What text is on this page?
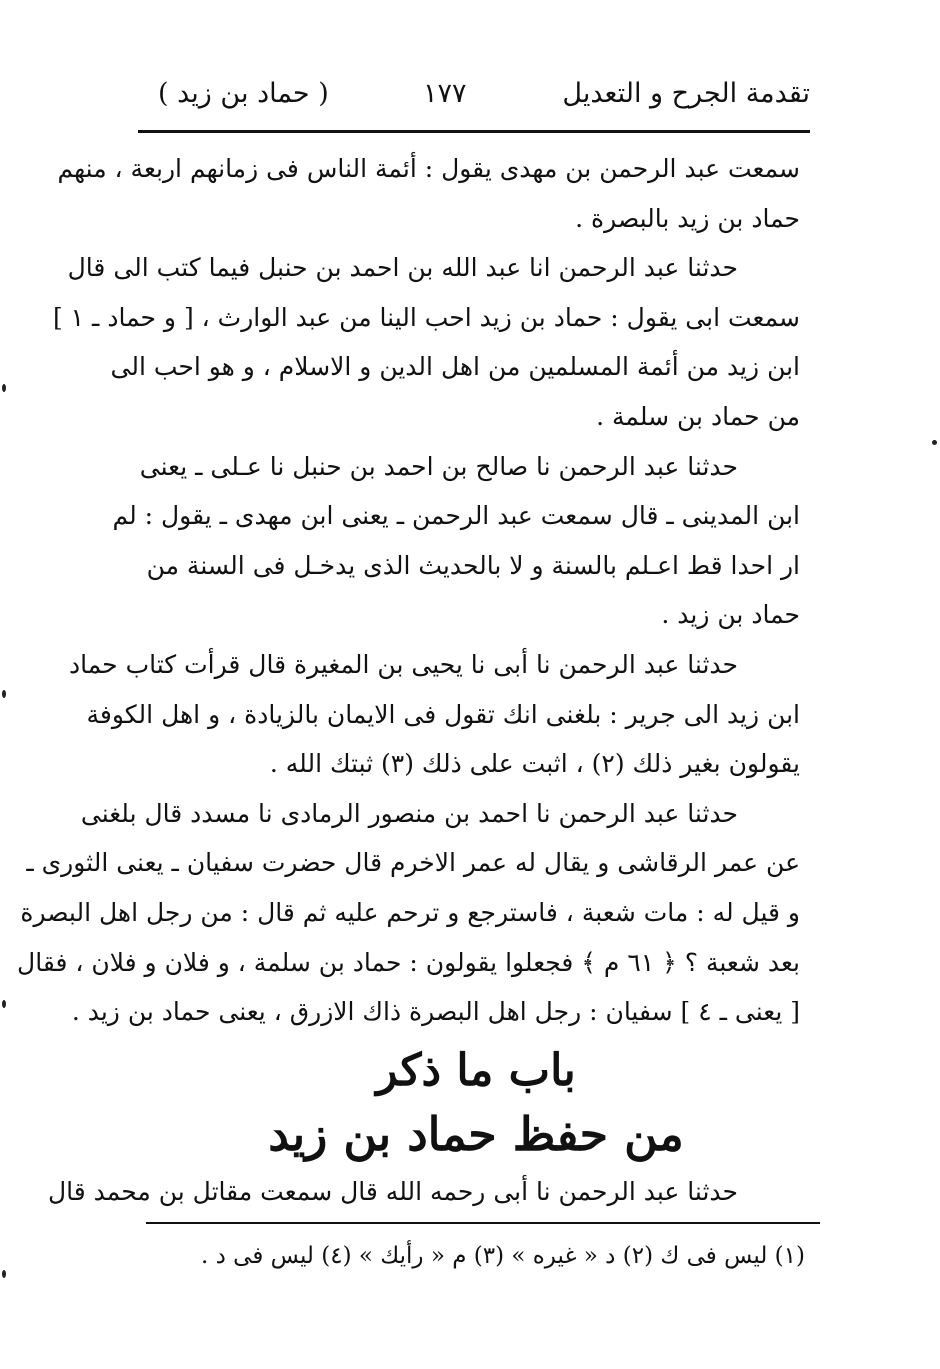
تقدمة الجرح و التعديل
١٧٧
( حماد بن زيد )
سمعت عبد الرحمن بن مهدى يقول : أئمة الناس فى زمانهم اربعة ، منهم
حماد بن زيد بالبصرة .
حدثنا عبد الرحمن انا عبد الله بن احمد بن حنبل فيما كتب الى قال
سمعت ابى يقول : حماد بن زيد احب الينا من عبد الوارث ، [ و حماد ـ ١ ]
ابن زيد من أئمة المسلمين من اهل الدين و الاسلام ، و هو احب الى
من حماد بن سلمة .
حدثنا عبد الرحمن نا صالح بن احمد بن حنبل نا عـلى ـ يعنى
ابن المدينى ـ قال سمعت عبد الرحمن ـ يعنى ابن مهدى ـ يقول : لم
ار احدا قط اعـلم بالسنة و لا بالحديث الذى يدخـل فى السنة من
حماد بن زيد .
حدثنا عبد الرحمن نا أبى نا يحيى بن المغيرة قال قرأت كتاب حماد
ابن زيد الى جرير : بلغنى انك تقول فى الايمان بالزيادة ، و اهل الكوفة
يقولون بغير ذلك (٢) ، اثبت على ذلك (٣) ثبتك الله .
حدثنا عبد الرحمن نا احمد بن منصور الرمادى نا مسدد قال بلغنى
عن عمر الرقاشى و يقال له عمر الاخرم قال حضرت سفيان ـ يعنى الثورى ـ
و قيل له : مات شعبة ، فاسترجع و ترحم عليه ثم قال : من رجل اهل البصرة
بعد شعبة ؟ ﴿ ٦١ م ﴾ فجعلوا يقولون : حماد بن سلمة ، و فلان و فلان ، فقال
[ يعنى ـ ٤ ] سفيان : رجل اهل البصرة ذاك الازرق ، يعنى حماد بن زيد .
باب ما ذكر
من حفظ حماد بن زيد
حدثنا عبد الرحمن نا أبى رحمه الله قال سمعت مقاتل بن محمد قال
(١) ليس فى ك (٢) د « غيره » (٣) م « رأيك » (٤) ليس فى د .
